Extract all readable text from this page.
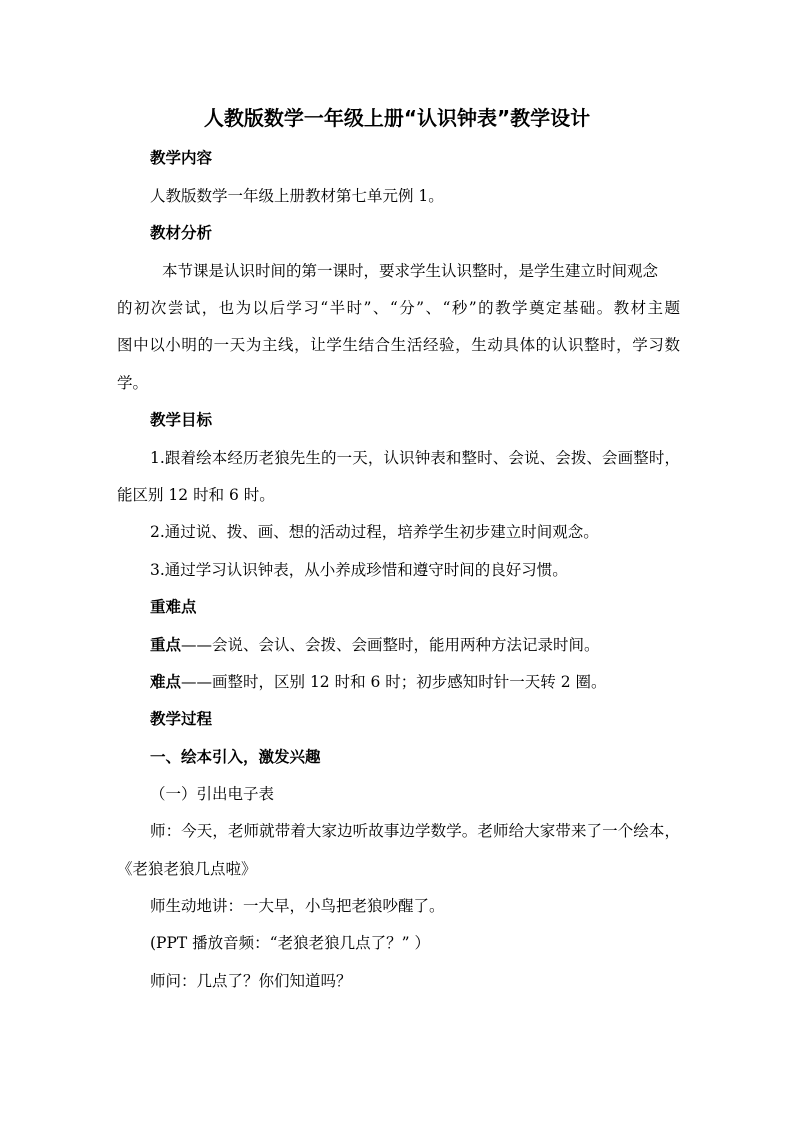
人教版数学一年级上册“认识钟表”教学设计
教学内容
人教版数学一年级上册教材第七单元例 1。
教材分析
本节课是认识时间的第一课时，要求学生认识整时，是学生建立时间观念
的初次尝试，也为以后学习“半时”、“分”、“秒”的教学奠定基础。教材主题
图中以小明的一天为主线，让学生结合生活经验，生动具体的认识整时，学习数
学。
教学目标
1.跟着绘本经历老狼先生的一天，认识钟表和整时、会说、会拨、会画整时，
能区别 12 时和 6 时。
2.通过说、拨、画、想的活动过程，培养学生初步建立时间观念。
3.通过学习认识钟表，从小养成珍惜和遵守时间的良好习惯。
重难点
重点——会说、会认、会拨、会画整时，能用两种方法记录时间。
难点——画整时，区别 12 时和 6 时；初步感知时针一天转 2 圈。
教学过程
一、绘本引入，激发兴趣
（一）引出电子表
师：今天，老师就带着大家边听故事边学数学。老师给大家带来了一个绘本，
《老狼老狼几点啦》
师生动地讲：一大早，小鸟把老狼吵醒了。
(PPT 播放音频：“老狼老狼几点了？” ）
师问：几点了？你们知道吗？
